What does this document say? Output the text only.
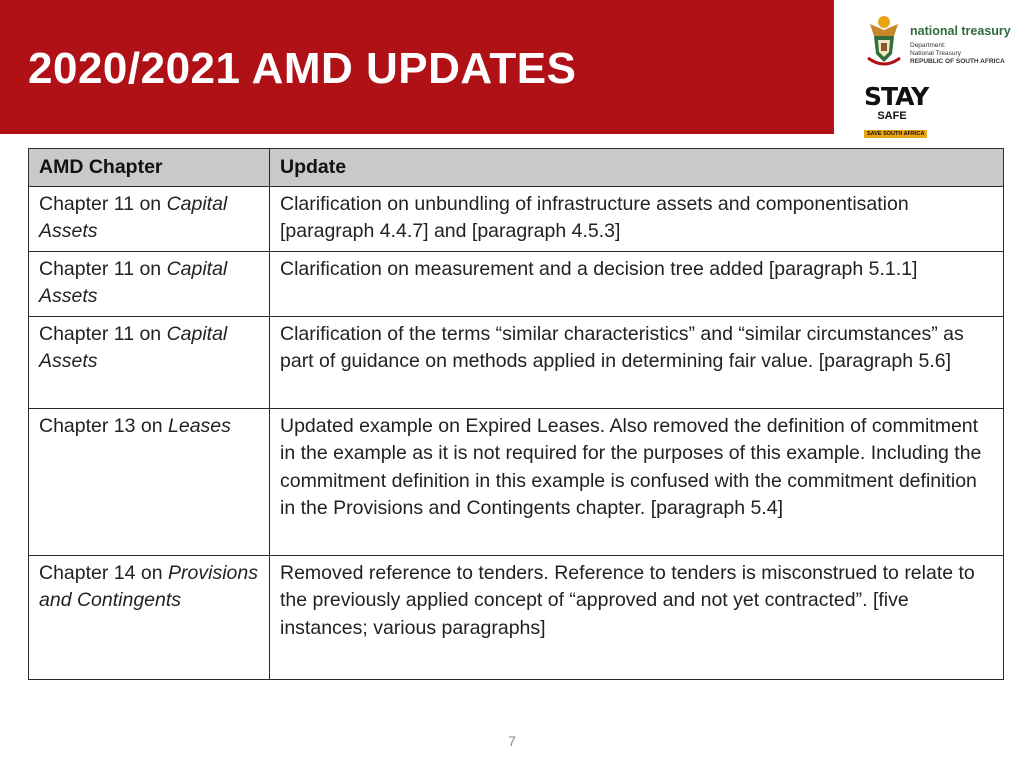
2020/2021 AMD UPDATES
national treasury
Department:
National Treasury
REPUBLIC OF SOUTH AFRICA
STAY
SAFE
SAVE SOUTH AFRICA
AMD Chapter	Update
Chapter 11 on Capital Assets	Clarification on unbundling of infrastructure assets and componentisation [paragraph 4.4.7] and [paragraph 4.5.3]
Chapter 11 on Capital Assets	Clarification on measurement and a decision tree added [paragraph 5.1.1]
Chapter 11 on Capital Assets	Clarification of the terms “similar characteristics” and “similar circumstances” as part of guidance on methods applied in determining fair value. [paragraph 5.6]
Chapter 13 on Leases	Updated example on Expired Leases. Also removed the definition of commitment in the example as it is not required for the purposes of this example. Including the commitment definition in this example is confused with the commitment definition in the Provisions and Contingents chapter. [paragraph 5.4]
Chapter 14 on Provisions and Contingents	Removed reference to tenders. Reference to tenders is misconstrued to relate to the previously applied concept of “approved and not yet contracted”. [five instances; various paragraphs]
7
